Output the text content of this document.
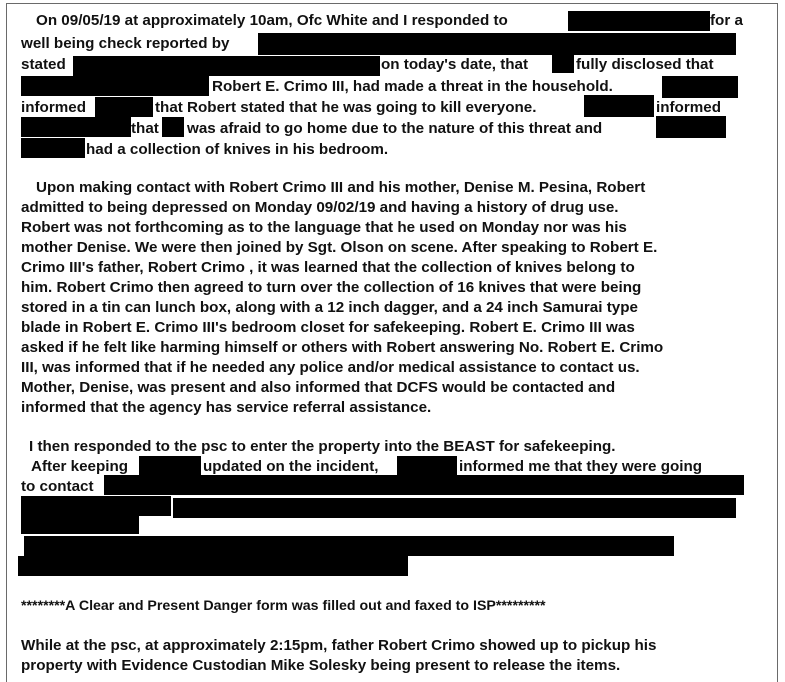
On 09/05/19 at approximately 10am, Ofc White and I responded to	for a
well being check reported by
stated	on today's date, that	fully disclosed that
Robert E. Crimo III, had made a threat in the household.
informed	that Robert stated that he was going to kill everyone.	informed
that was afraid to go home due to the nature of this threat and
had a collection of knives in his bedroom.
Upon making contact with Robert Crimo III and his mother, Denise M. Pesina, Robert
admitted to being depressed on Monday 09/02/19 and having a history of drug use.
Robert was not forthcoming as to the language that he used on Monday nor was his
mother Denise. We were then joined by Sgt. Olson on scene. After speaking to Robert E.
Crimo III's father, Robert Crimo , it was learned that the collection of knives belong to
him. Robert Crimo then agreed to turn over the collection of 16 knives that were being
stored in a tin can lunch box, along with a 12 inch dagger, and a 24 inch Samurai type
blade in Robert E. Crimo III's bedroom closet for safekeeping. Robert E. Crimo III was
asked if he felt like harming himself or others with Robert answering No. Robert E. Crimo
III, was informed that if he needed any police and/or medical assistance to contact us.
Mother, Denise, was present and also informed that DCFS would be contacted and
informed that the agency has service referral assistance.
I then responded to the psc to enter the property into the BEAST for safekeeping.
After keeping	updated on the incident,	informed me that they were going
to contact
********A Clear and Present Danger form was filled out and faxed to ISP*********
While at the psc, at approximately 2:15pm, father Robert Crimo showed up to pickup his
property with Evidence Custodian Mike Solesky being present to release the items.
